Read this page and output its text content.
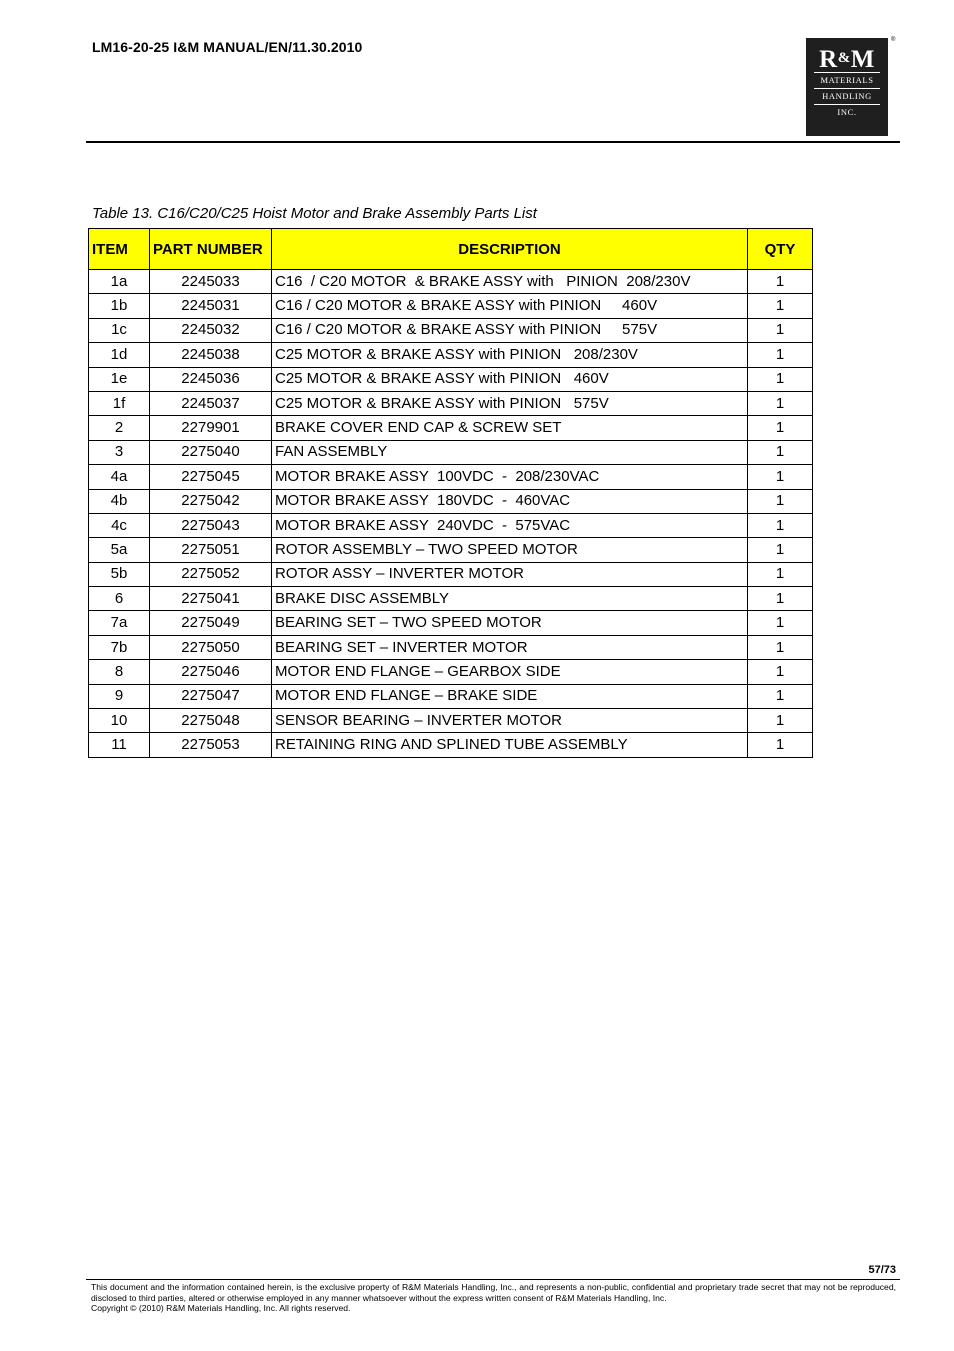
LM16-20-25 I&M MANUAL/EN/11.30.2010	R&M
MATERIALS
HANDLING
INC.
®
Table 13. C16/C20/C25 Hoist Motor and Brake Assembly Parts List
ITEM	PART NUMBER	DESCRIPTION	QTY
1a	2245033	C16  / C20 MOTOR  & BRAKE ASSY with   PINION  208/230V	1
1b	2245031	C16 / C20 MOTOR & BRAKE ASSY with PINION     460V	1
1c	2245032	C16 / C20 MOTOR & BRAKE ASSY with PINION     575V	1
1d	2245038	C25 MOTOR & BRAKE ASSY with PINION   208/230V	1
1e	2245036	C25 MOTOR & BRAKE ASSY with PINION   460V	1
1f	2245037	C25 MOTOR & BRAKE ASSY with PINION   575V	1
2	2279901	BRAKE COVER END CAP & SCREW SET	1
3	2275040	FAN ASSEMBLY	1
4a	2275045	MOTOR BRAKE ASSY  100VDC  -  208/230VAC	1
4b	2275042	MOTOR BRAKE ASSY  180VDC  -  460VAC	1
4c	2275043	MOTOR BRAKE ASSY  240VDC  -  575VAC	1
5a	2275051	ROTOR ASSEMBLY – TWO SPEED MOTOR	1
5b	2275052	ROTOR ASSY – INVERTER MOTOR	1
6	2275041	BRAKE DISC ASSEMBLY	1
7a	2275049	BEARING SET – TWO SPEED MOTOR	1
7b	2275050	BEARING SET – INVERTER MOTOR	1
8	2275046	MOTOR END FLANGE – GEARBOX SIDE	1
9	2275047	MOTOR END FLANGE – BRAKE SIDE	1
10	2275048	SENSOR BEARING – INVERTER MOTOR	1
11	2275053	RETAINING RING AND SPLINED TUBE ASSEMBLY	1
57/73
This document and the information contained herein, is the exclusive property of R&M Materials Handling, Inc., and represents a non-public, confidential and proprietary trade secret that may not be reproduced, disclosed to third parties, altered or otherwise employed in any manner whatsoever without the express written consent of R&M Materials Handling, Inc.
Copyright © (2010) R&M Materials Handling, Inc. All rights reserved.
